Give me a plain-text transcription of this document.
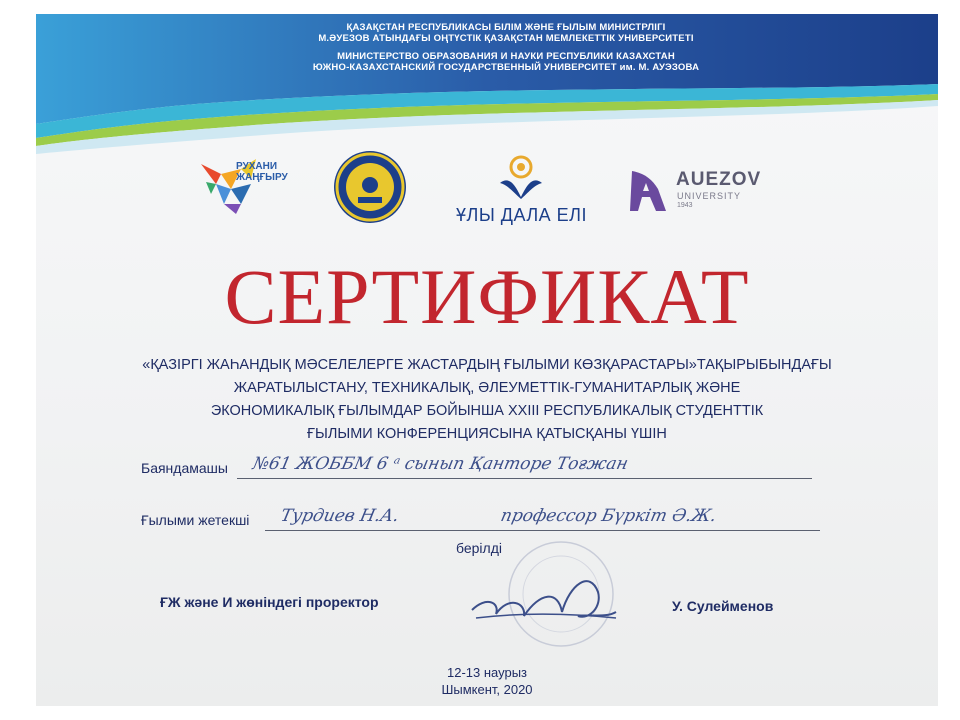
ҚАЗАҚСТАН РЕСПУБЛИКАСЫ БІЛІМ ЖӘНЕ ҒЫЛЫМ МИНИСТРЛІГІ
М.ӘУЕЗОВ АТЫНДАҒЫ ОҢТҮСТІК ҚАЗАҚСТАН МЕМЛЕКЕТТІК УНИВЕРСИТЕТІ
МИНИСТЕРСТВО ОБРАЗОВАНИЯ И НАУКИ РЕСПУБЛИКИ КАЗАХСТАН
ЮЖНО-КАЗАХСТАНСКИЙ ГОСУДАРСТВЕННЫЙ УНИВЕРСИТЕТ им. М. АУЭЗОВА
РУХАНИ
ЖАҢҒЫРУ
ҰЛЫ ДАЛА ЕЛІ
AUEZOV
UNIVERSITY
1943
СЕРТИФИКАТ
«ҚАЗІРГІ ЖАҺАНДЫҚ МӘСЕЛЕЛЕРГЕ ЖАСТАРДЫҢ ҒЫЛЫМИ КӨЗҚАРАСТАРЫ»ТАҚЫРЫБЫНДАҒЫ
ЖАРАТЫЛЫСТАНУ, ТЕХНИКАЛЫҚ, ӘЛЕУМЕТТІК-ГУМАНИТАРЛЫҚ ЖӘНЕ
ЭКОНОМИКАЛЫҚ ҒЫЛЫМДАР БОЙЫНША XXIII РЕСПУБЛИКАЛЫҚ СТУДЕНТТІК
ҒЫЛЫМИ КОНФЕРЕНЦИЯСЫНА ҚАТЫСҚАНЫ ҮШІН
Баяндамашы №61 ЖОББМ 6 ᵃ сынып Қанторе Тоғжан
Ғылыми жетекші Турдиев Н.А.	профессор Бүркіт Ә.Ж.
берілді
ҒЖ және И жөніндегі проректор	У. Сулейменов
12-13 наурыз
Шымкент, 2020
